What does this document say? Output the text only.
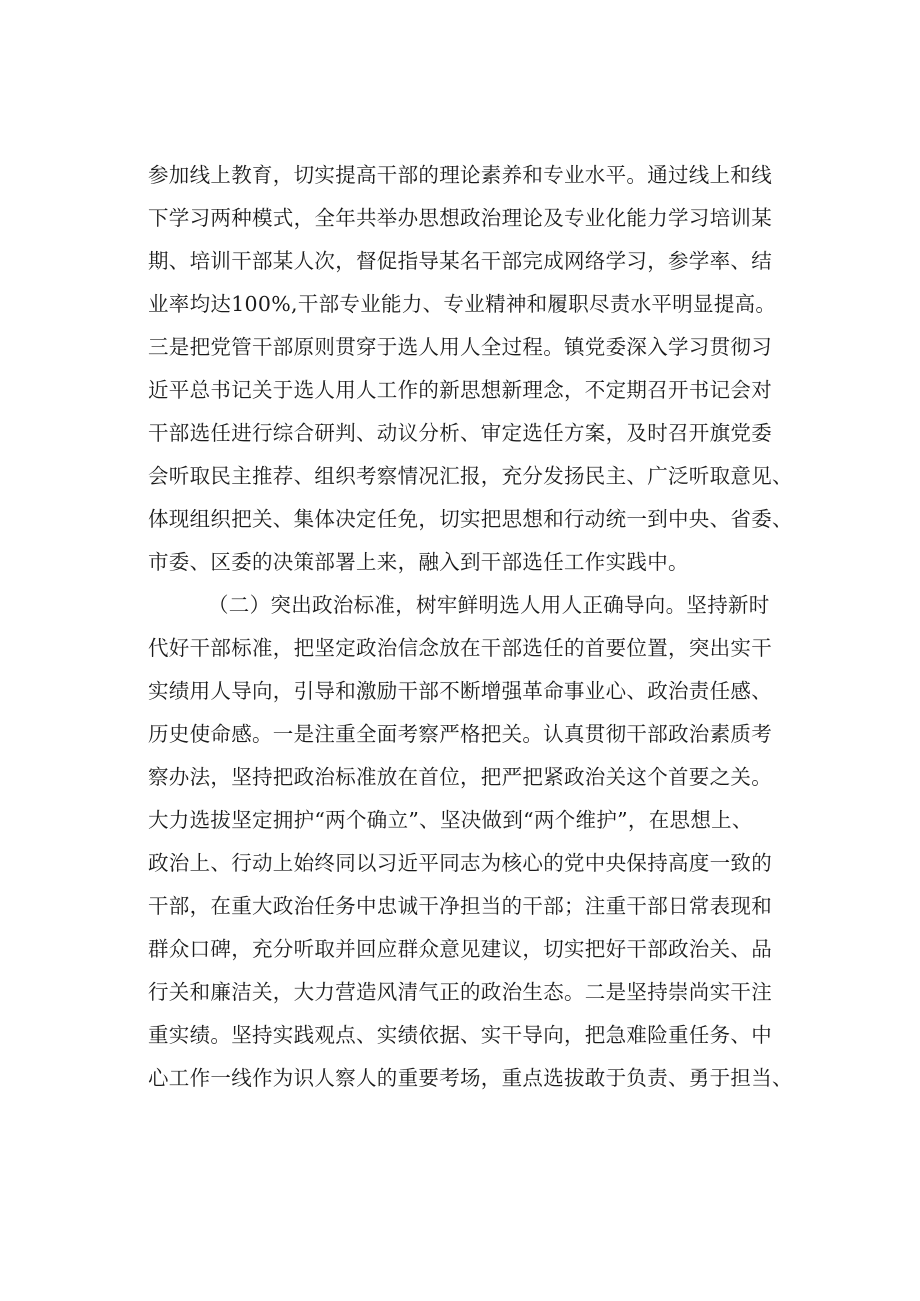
参加线上教育，切实提高干部的理论素养和专业水平。通过线上和线
下学习两种模式，全年共举办思想政治理论及专业化能力学习培训某
期、培训干部某人次，督促指导某名干部完成网络学习，参学率、结
业率均达100%,干部专业能力、专业精神和履职尽责水平明显提高。
三是把党管干部原则贯穿于选人用人全过程。镇党委深入学习贯彻习
近平总书记关于选人用人工作的新思想新理念，不定期召开书记会对
干部选任进行综合研判、动议分析、审定选任方案，及时召开旗党委
会听取民主推荐、组织考察情况汇报，充分发扬民主、广泛听取意见、
体现组织把关、集体决定任免，切实把思想和行动统一到中央、省委、
市委、区委的决策部署上来，融入到干部选任工作实践中。
（二）突出政治标准，树牢鲜明选人用人正确导向。坚持新时
代好干部标准，把坚定政治信念放在干部选任的首要位置，突出实干
实绩用人导向，引导和激励干部不断增强革命事业心、政治责任感、
历史使命感。一是注重全面考察严格把关。认真贯彻干部政治素质考
察办法，坚持把政治标准放在首位，把严把紧政治关这个首要之关。
大力选拔坚定拥护“两个确立”、坚决做到“两个维护”，在思想上、
政治上、行动上始终同以习近平同志为核心的党中央保持高度一致的
干部，在重大政治任务中忠诚干净担当的干部；注重干部日常表现和
群众口碑，充分听取并回应群众意见建议，切实把好干部政治关、品
行关和廉洁关，大力营造风清气正的政治生态。二是坚持崇尚实干注
重实绩。坚持实践观点、实绩依据、实干导向，把急难险重任务、中
心工作一线作为识人察人的重要考场，重点选拔敢于负责、勇于担当、
